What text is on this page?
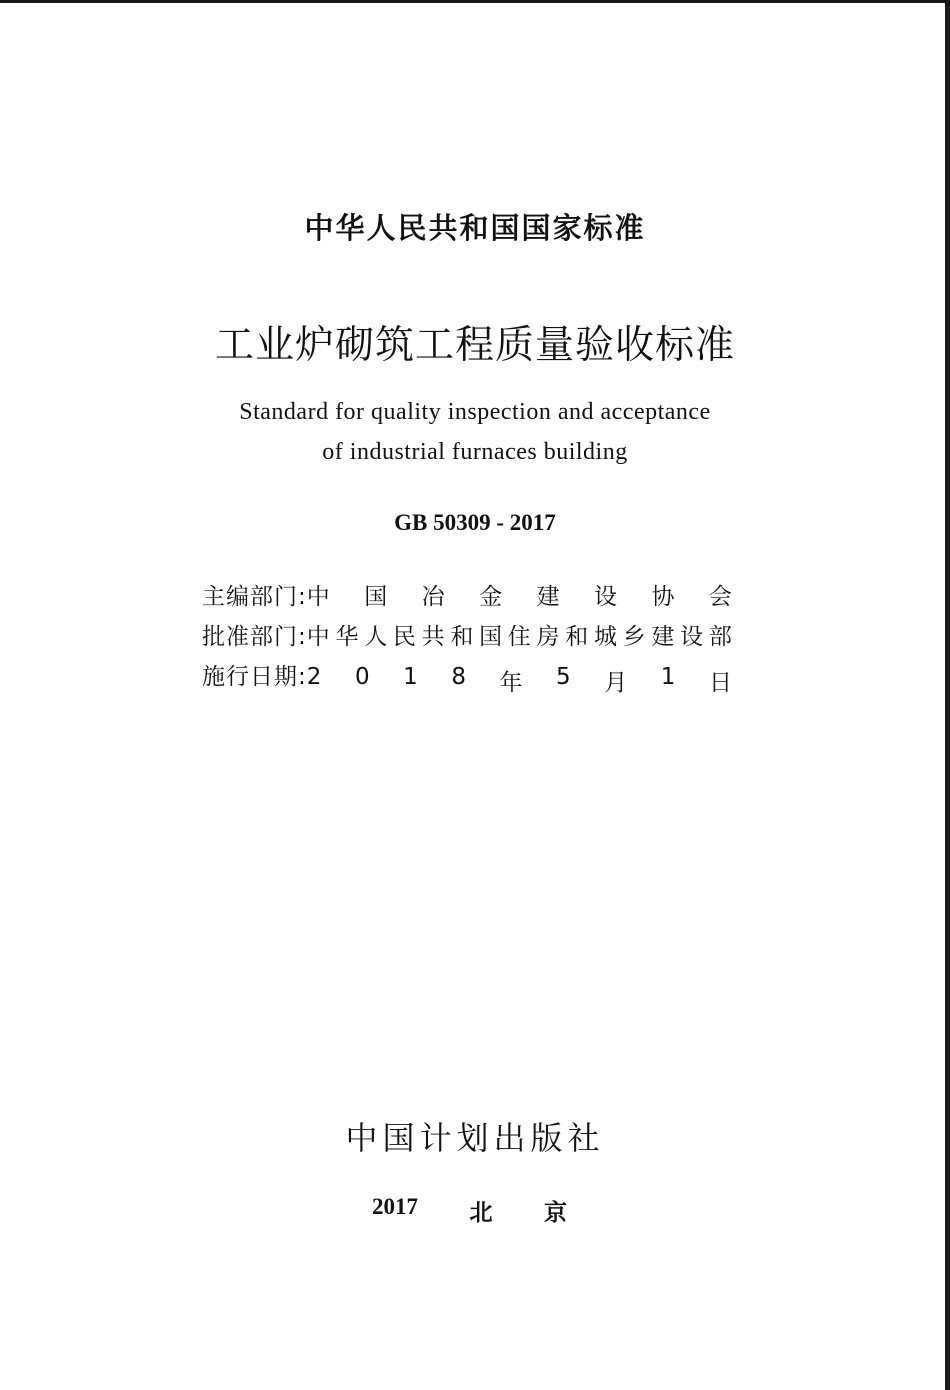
中华人民共和国国家标准
工业炉砌筑工程质量验收标准
Standard for quality inspection and acceptance
of industrial furnaces building
GB 50309 - 2017
主编部门: 中 国 冶 金 建 设 协 会
批准部门: 中 华 人 民 共 和 国 住 房 和 城 乡 建 设 部
施行日期: 2 0 1 8 年 5 月 1 日
中国计划出版社
2017 北 京
